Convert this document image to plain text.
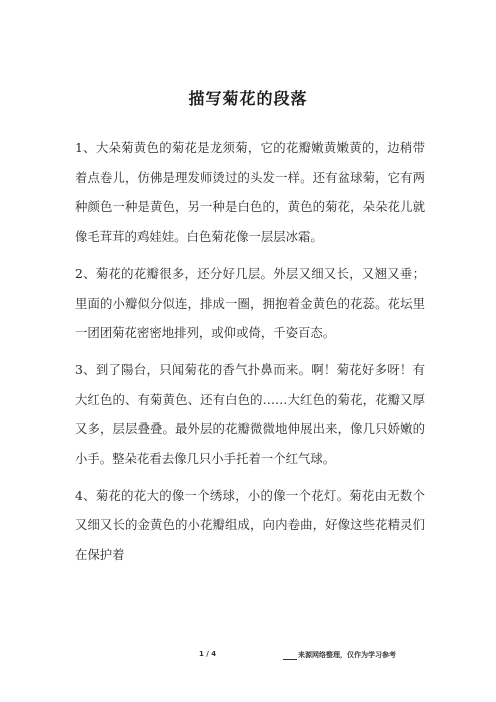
描写菊花的段落

1、大朵菊黄色的菊花是龙须菊，它的花瓣嫩黄嫩黄的，边稍带着点卷儿，仿佛是理发师烫过的头发一样。还有盆球菊，它有两种颜色一种是黄色，另一种是白色的，黄色的菊花，朵朵花儿就像毛茸茸的鸡娃娃。白色菊花像一层层冰霜。

2、菊花的花瓣很多，还分好几层。外层又细又长，又翘又垂；里面的小瓣似分似连，排成一圈，拥抱着金黄色的花蕊。花坛里一团团菊花密密地排列，或仰或倚，千姿百态。

3、到了陽台，只闻菊花的香气扑鼻而来。啊！菊花好多呀！有大红色的、有菊黄色、还有白色的……大红色的菊花，花瓣又厚又多，层层叠叠。最外层的花瓣微微地伸展出来，像几只娇嫩的小手。整朵花看去像几只小手托着一个红气球。

4、菊花的花大的像一个绣球，小的像一个花灯。菊花由无数个又细又长的金黄色的小花瓣组成，向内卷曲，好像这些花精灵们在保护着

1 / 4	来源网络整理，仅作为学习参考
